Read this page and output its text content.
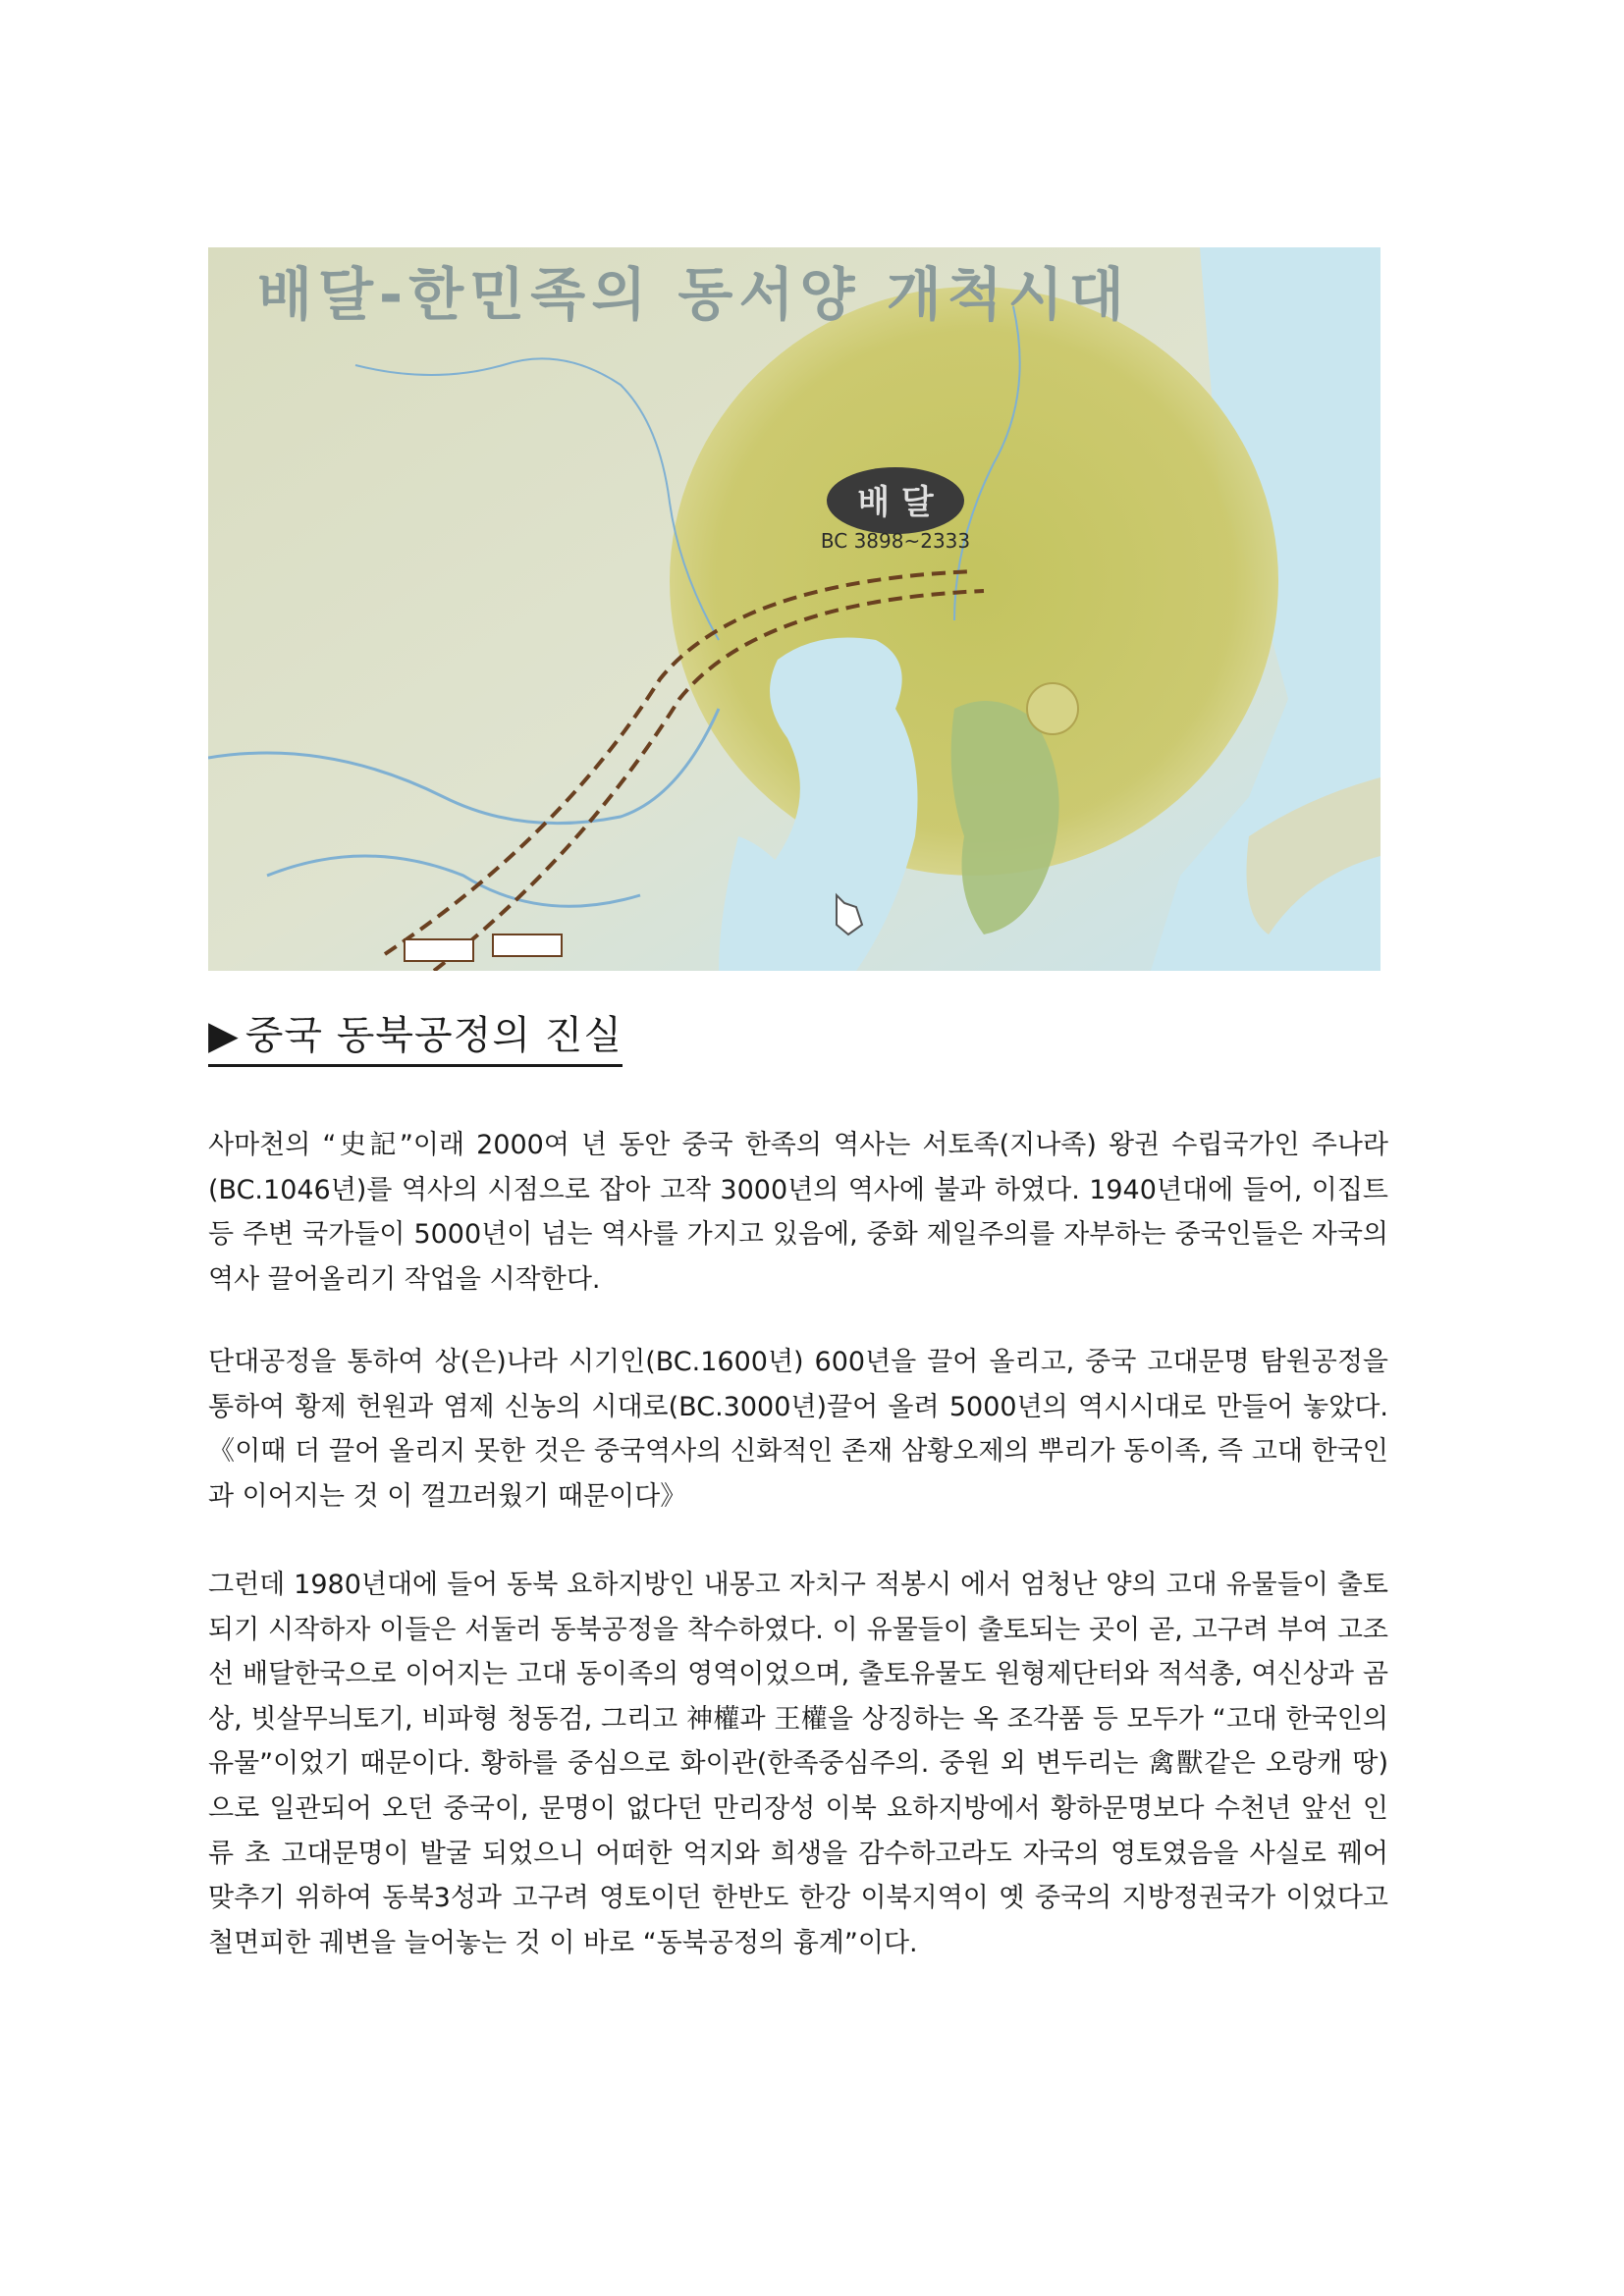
배달-한민족의 동서양 개척시대
배 달
BC 3898~2333
▶ 중국 동북공정의 진실

사마천의 “史記”이래 2000여 년 동안 중국 한족의 역사는 서토족(지나족) 왕권 수립국가인 주나라(BC.1046년)를 역사의 시점으로 잡아 고작 3000년의 역사에 불과 하였다. 1940년대에 들어, 이집트 등 주변 국가들이 5000년이 넘는 역사를 가지고 있음에, 중화 제일주의를 자부하는 중국인들은 자국의 역사 끌어올리기 작업을 시작한다.

단대공정을 통하여 상(은)나라 시기인(BC.1600년) 600년을 끌어 올리고, 중국 고대문명 탐원공정을 통하여 황제 헌원과 염제 신농의 시대로(BC.3000년)끌어 올려 5000년의 역시시대로 만들어 놓았다.《이때 더 끌어 올리지 못한 것은 중국역사의 신화적인 존재 삼황오제의 뿌리가 동이족, 즉 고대 한국인과 이어지는 것 이 껄끄러웠기 때문이다》

그런데 1980년대에 들어 동북 요하지방인 내몽고 자치구 적봉시 에서 엄청난 양의 고대 유물들이 출토되기 시작하자 이들은 서둘러 동북공정을 착수하였다. 이 유물들이 출토되는 곳이 곧, 고구려 부여 고조선 배달한국으로 이어지는 고대 동이족의 영역이었으며, 출토유물도 원형제단터와 적석총, 여신상과 곰상, 빗살무늬토기, 비파형 청동검, 그리고 神權과 王權을 상징하는 옥 조각품 등 모두가 “고대 한국인의 유물”이었기 때문이다. 황하를 중심으로 화이관(한족중심주의. 중원 외 변두리는 禽獸같은 오랑캐 땅)으로 일관되어 오던 중국이, 문명이 없다던 만리장성 이북 요하지방에서 황하문명보다 수천년 앞선 인류 초 고대문명이 발굴 되었으니 어떠한 억지와 희생을 감수하고라도 자국의 영토였음을 사실로 꿰어 맞추기 위하여 동북3성과 고구려 영토이던 한반도 한강 이북지역이 옛 중국의 지방정권국가 이었다고 철면피한 궤변을 늘어놓는 것 이 바로 “동북공정의 흉계”이다.
